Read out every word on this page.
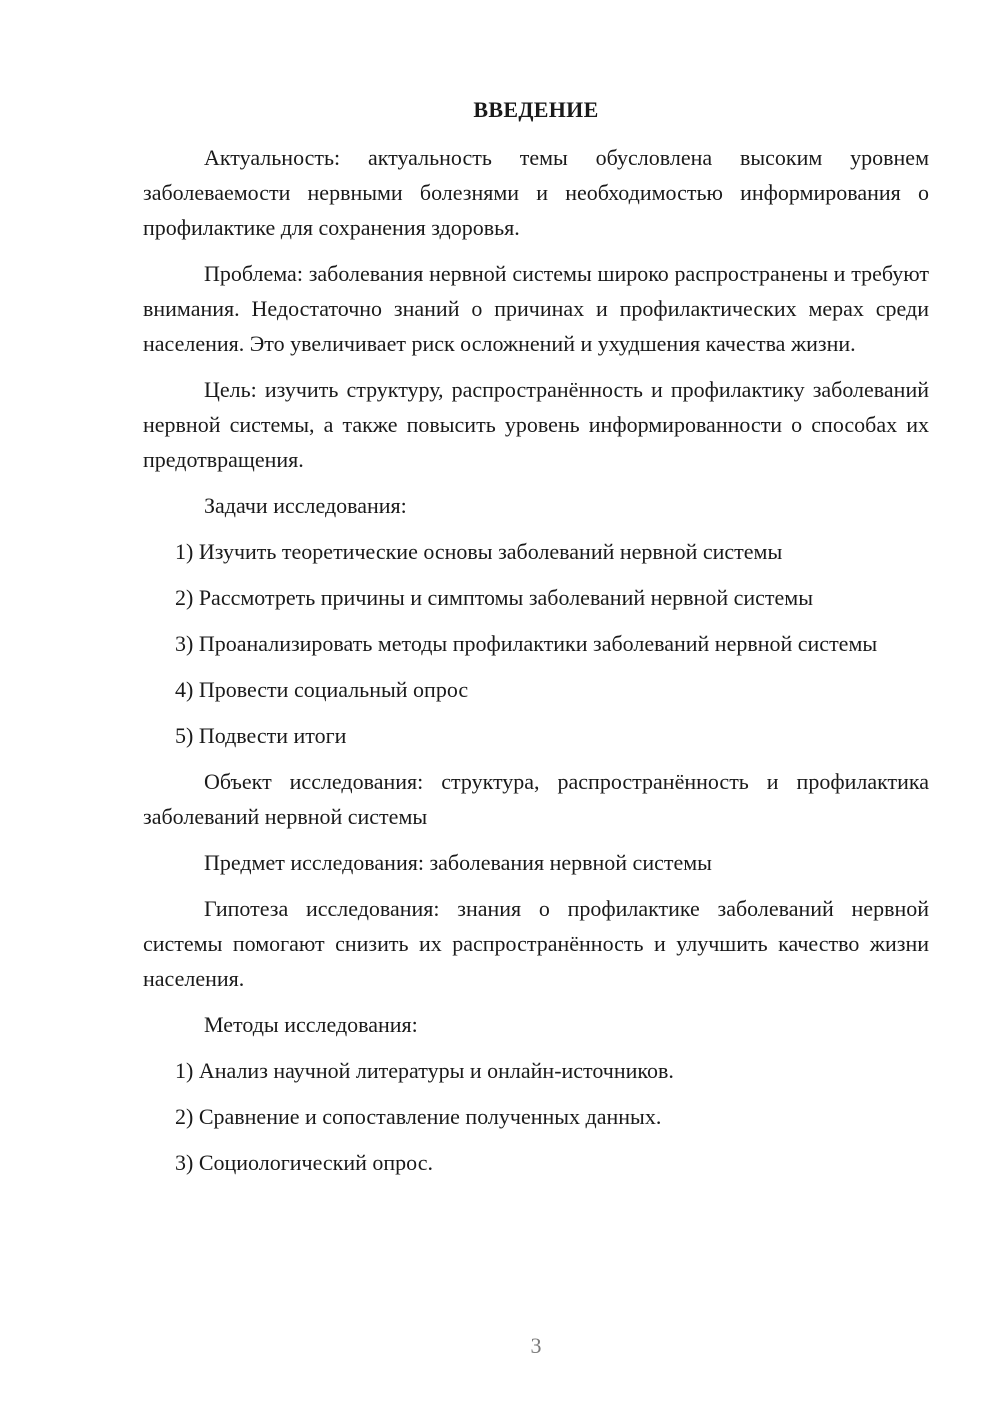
ВВЕДЕНИЕ

Актуальность: актуальность темы обусловлена высоким уровнем заболеваемости нервными болезнями и необходимостью информирования о профилактике для сохранения здоровья.

Проблема: заболевания нервной системы широко распространены и требуют внимания. Недостаточно знаний о причинах и профилактических мерах среди населения. Это увеличивает риск осложнений и ухудшения качества жизни.

Цель: изучить структуру, распространённость и профилактику заболеваний нервной системы, а также повысить уровень информированности о способах их предотвращения.

Задачи исследования:

1) Изучить теоретические основы заболеваний нервной системы

2) Рассмотреть причины и симптомы заболеваний нервной системы

3) Проанализировать методы профилактики заболеваний нервной системы

4) Провести социальный опрос

5) Подвести итоги

Объект исследования: структура, распространённость и профилактика заболеваний нервной системы

Предмет исследования: заболевания нервной системы

Гипотеза исследования: знания о профилактике заболеваний нервной системы помогают снизить их распространённость и улучшить качество жизни населения.

Методы исследования:

1) Анализ научной литературы и онлайн-источников.

2) Сравнение и сопоставление полученных данных.

3) Социологический опрос.

3
